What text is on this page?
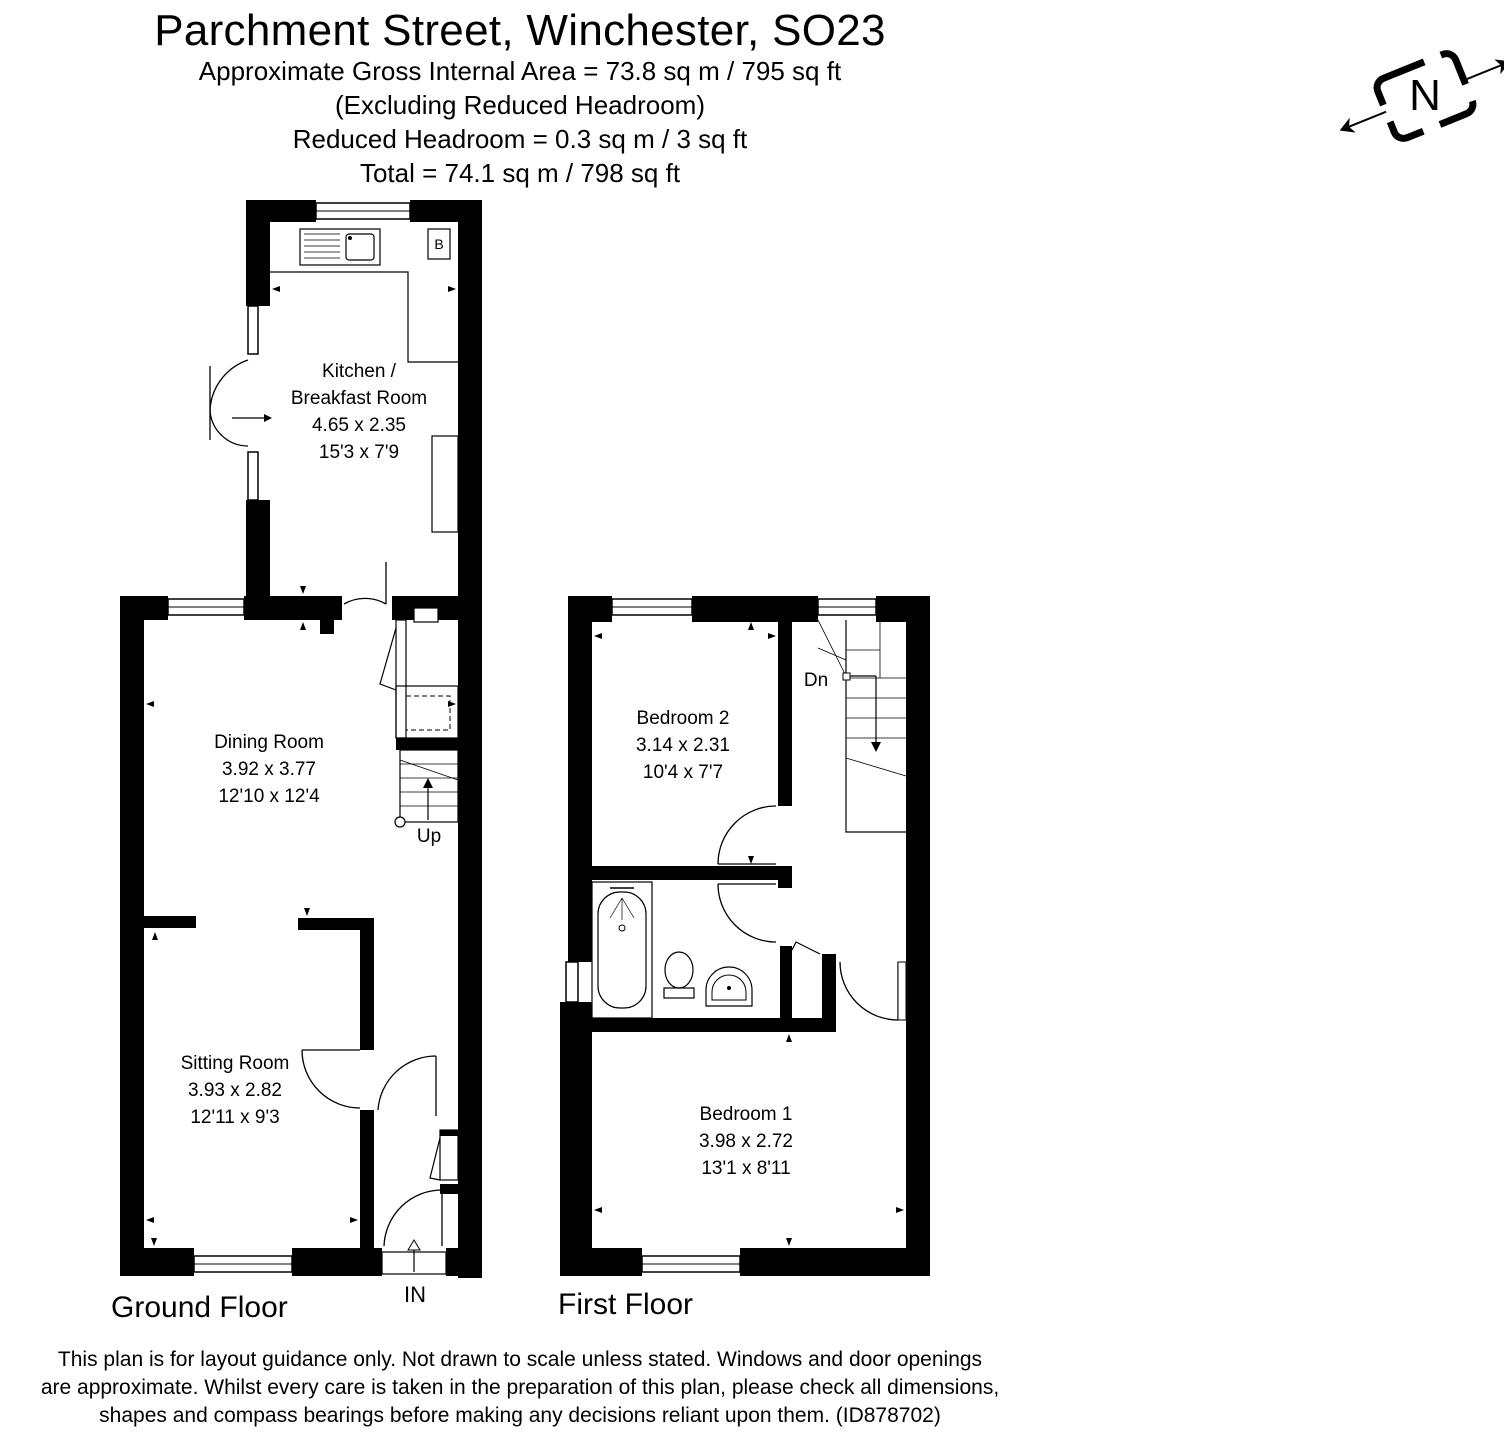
Parchment Street, Winchester, SO23
Approximate Gross Internal Area = 73.8 sq m / 795 sq ft
(Excluding Reduced Headroom)
Reduced Headroom = 0.3 sq m / 3 sq ft
Total = 74.1 sq m / 798 sq ft
N
B
Kitchen /
Breakfast Room
4.65 x 2.35
15'3 x 7'9
Dining Room
3.92 x 3.77
12'10 x 12'4
Sitting Room
3.93 x 2.82
12'11 x 9'3
Up
IN
Ground Floor
Bedroom 2
3.14 x 2.31
10'4 x 7'7
Bedroom 1
3.98 x 2.72
13'1 x 8'11
Dn
First Floor
This plan is for layout guidance only. Not drawn to scale unless stated. Windows and door openings
are approximate. Whilst every care is taken in the preparation of this plan, please check all dimensions,
shapes and compass bearings before making any decisions reliant upon them. (ID878702)
